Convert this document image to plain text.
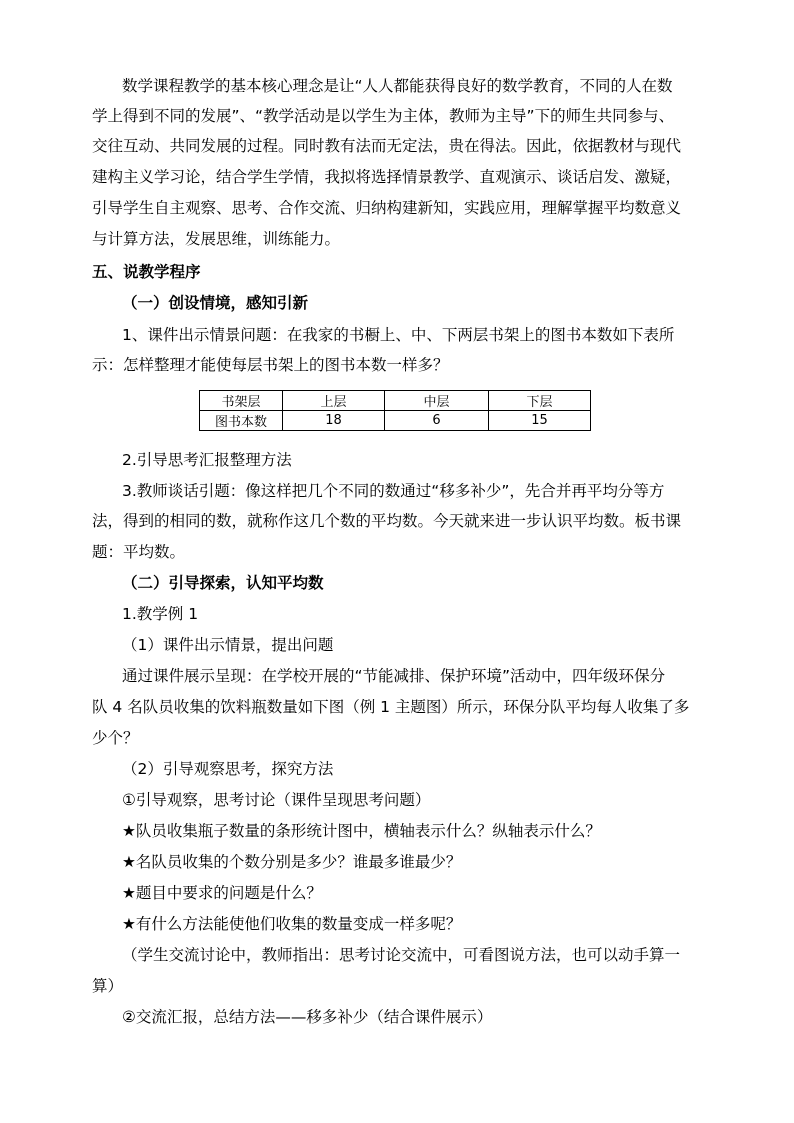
数学课程教学的基本核心理念是让“人人都能获得良好的数学教育，不同的人在数
学上得到不同的发展”、“教学活动是以学生为主体，教师为主导”下的师生共同参与、
交往互动、共同发展的过程。同时教有法而无定法，贵在得法。因此，依据教材与现代
建构主义学习论，结合学生学情，我拟将选择情景教学、直观演示、谈话启发、激疑，
引导学生自主观察、思考、合作交流、归纳构建新知，实践应用，理解掌握平均数意义
与计算方法，发展思维，训练能力。
五、说教学程序
（一）创设情境，感知引新
1、课件出示情景问题：在我家的书橱上、中、下两层书架上的图书本数如下表所
示：怎样整理才能使每层书架上的图书本数一样多？
书架层	上层	中层	下层
图书本数	18	6	15
2.引导思考汇报整理方法
3.教师谈话引题：像这样把几个不同的数通过“移多补少”，先合并再平均分等方
法，得到的相同的数，就称作这几个数的平均数。今天就来进一步认识平均数。板书课
题：平均数。
（二）引导探索，认知平均数
1.教学例 1
（1）课件出示情景，提出问题
通过课件展示呈现：在学校开展的“节能减排、保护环境”活动中，四年级环保分
队 4 名队员收集的饮料瓶数量如下图（例 1 主题图）所示，环保分队平均每人收集了多
少个？
（2）引导观察思考，探究方法
①引导观察，思考讨论（课件呈现思考问题）
★队员收集瓶子数量的条形统计图中，横轴表示什么？纵轴表示什么？
★名队员收集的个数分别是多少？谁最多谁最少？
★题目中要求的问题是什么？
★有什么方法能使他们收集的数量变成一样多呢？
（学生交流讨论中，教师指出：思考讨论交流中，可看图说方法，也可以动手算一
算）
②交流汇报，总结方法——移多补少（结合课件展示）
